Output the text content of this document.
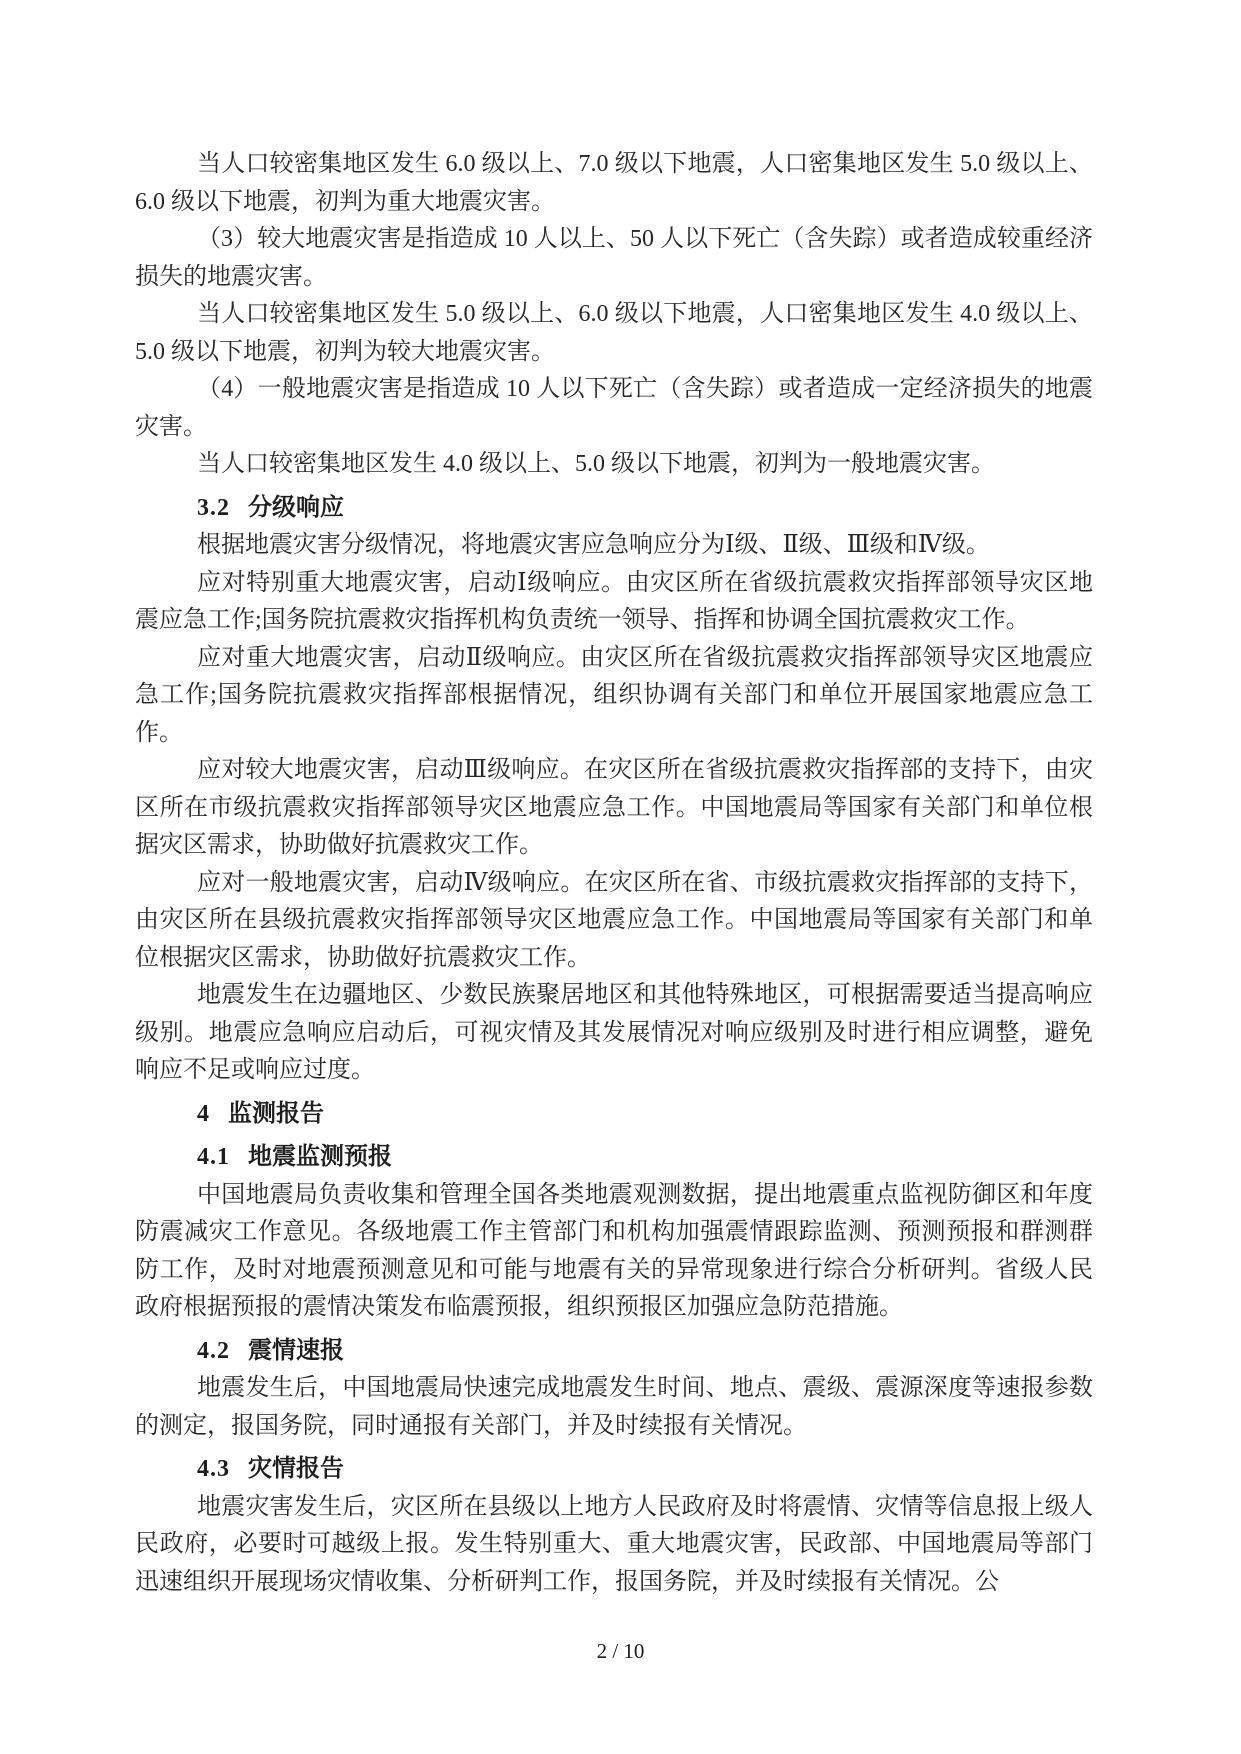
当人口较密集地区发生 6.0 级以上、7.0 级以下地震，人口密集地区发生 5.0 级以上、6.0 级以下地震，初判为重大地震灾害。

（3）较大地震灾害是指造成 10 人以上、50 人以下死亡（含失踪）或者造成较重经济损失的地震灾害。

当人口较密集地区发生 5.0 级以上、6.0 级以下地震，人口密集地区发生 4.0 级以上、5.0 级以下地震，初判为较大地震灾害。

（4）一般地震灾害是指造成 10 人以下死亡（含失踪）或者造成一定经济损失的地震灾害。

当人口较密集地区发生 4.0 级以上、5.0 级以下地震，初判为一般地震灾害。

3.2 分级响应

根据地震灾害分级情况，将地震灾害应急响应分为Ⅰ级、Ⅱ级、Ⅲ级和Ⅳ级。

应对特别重大地震灾害，启动Ⅰ级响应。由灾区所在省级抗震救灾指挥部领导灾区地震应急工作;国务院抗震救灾指挥机构负责统一领导、指挥和协调全国抗震救灾工作。

应对重大地震灾害，启动Ⅱ级响应。由灾区所在省级抗震救灾指挥部领导灾区地震应急工作;国务院抗震救灾指挥部根据情况，组织协调有关部门和单位开展国家地震应急工作。

应对较大地震灾害，启动Ⅲ级响应。在灾区所在省级抗震救灾指挥部的支持下，由灾区所在市级抗震救灾指挥部领导灾区地震应急工作。中国地震局等国家有关部门和单位根据灾区需求，协助做好抗震救灾工作。

应对一般地震灾害，启动Ⅳ级响应。在灾区所在省、市级抗震救灾指挥部的支持下，由灾区所在县级抗震救灾指挥部领导灾区地震应急工作。中国地震局等国家有关部门和单位根据灾区需求，协助做好抗震救灾工作。

地震发生在边疆地区、少数民族聚居地区和其他特殊地区，可根据需要适当提高响应级别。地震应急响应启动后，可视灾情及其发展情况对响应级别及时进行相应调整，避免响应不足或响应过度。

4 监测报告
4.1 地震监测预报

中国地震局负责收集和管理全国各类地震观测数据，提出地震重点监视防御区和年度防震减灾工作意见。各级地震工作主管部门和机构加强震情跟踪监测、预测预报和群测群防工作，及时对地震预测意见和可能与地震有关的异常现象进行综合分析研判。省级人民政府根据预报的震情决策发布临震预报，组织预报区加强应急防范措施。

4.2 震情速报

地震发生后，中国地震局快速完成地震发生时间、地点、震级、震源深度等速报参数的测定，报国务院，同时通报有关部门，并及时续报有关情况。

4.3 灾情报告

地震灾害发生后，灾区所在县级以上地方人民政府及时将震情、灾情等信息报上级人民政府，必要时可越级上报。发生特别重大、重大地震灾害，民政部、中国地震局等部门迅速组织开展现场灾情收集、分析研判工作，报国务院，并及时续报有关情况。公

2 / 10
